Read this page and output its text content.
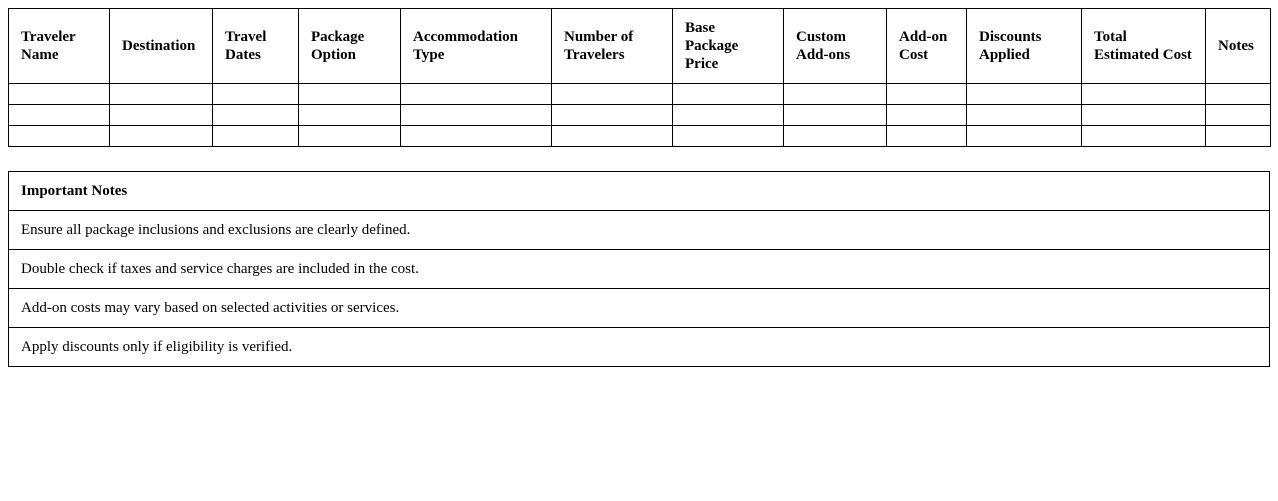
Traveler Name	Destination	Travel Dates	Package Option	Accommodation Type	Number of Travelers	Base Package Price	Custom Add-ons	Add-on Cost	Discounts Applied	Total Estimated Cost	Notes

Important Notes
Ensure all package inclusions and exclusions are clearly defined.
Double check if taxes and service charges are included in the cost.
Add-on costs may vary based on selected activities or services.
Apply discounts only if eligibility is verified.
